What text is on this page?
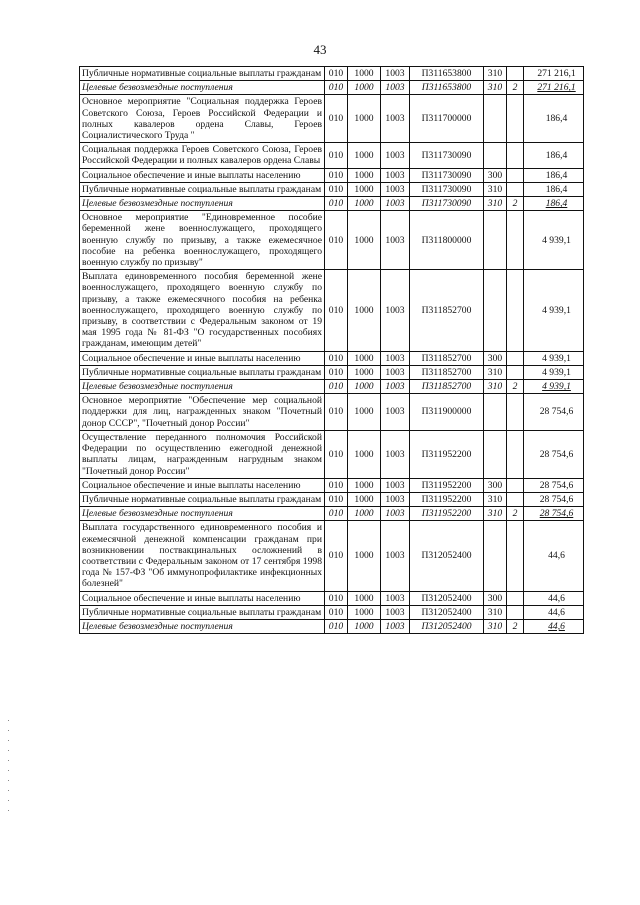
43
Публичные нормативные социальные выплаты гражданам	010	1000	1003	П311653800	310		271 216,1
Целевые безвозмездные поступления	010	1000	1003	П311653800	310	2	271 216,1
Основное мероприятие "Социальная поддержка Героев Советского Союза, Героев Российской Федерации и полных кавалеров ордена Славы, Героев Социалистического Труда "	010	1000	1003	П311700000			186,4
Социальная поддержка Героев Советского Союза, Героев Российской Федерации и полных кавалеров ордена Славы	010	1000	1003	П311730090			186,4
Социальное обеспечение и иные выплаты населению	010	1000	1003	П311730090	300		186,4
Публичные нормативные социальные выплаты гражданам	010	1000	1003	П311730090	310		186,4
Целевые безвозмездные поступления	010	1000	1003	П311730090	310	2	186,4
Основное мероприятие "Единовременное пособие беременной жене военнослужащего, проходящего военную службу по призыву, а также ежемесячное пособие на ребенка военнослужащего, проходящего военную службу по призыву"	010	1000	1003	П311800000			4 939,1
Выплата единовременного пособия беременной жене военнослужащего, проходящего военную службу по призыву, а также ежемесячного пособия на ребенка военнослужащего, проходящего военную службу по призыву, в соответствии с Федеральным законом от 19 мая 1995 года № 81-ФЗ "О государственных пособиях гражданам, имеющим детей"	010	1000	1003	П311852700			4 939,1
Социальное обеспечение и иные выплаты населению	010	1000	1003	П311852700	300		4 939,1
Публичные нормативные социальные выплаты гражданам	010	1000	1003	П311852700	310		4 939,1
Целевые безвозмездные поступления	010	1000	1003	П311852700	310	2	4 939,1
Основное мероприятие "Обеспечение мер социальной поддержки для лиц, награжденных знаком "Почетный донор СССР", "Почетный донор России"	010	1000	1003	П311900000			28 754,6
Осуществление переданного полномочия Российской Федерации по осуществлению ежегодной денежной выплаты лицам, награжденным нагрудным знаком "Почетный донор России"	010	1000	1003	П311952200			28 754,6
Социальное обеспечение и иные выплаты населению	010	1000	1003	П311952200	300		28 754,6
Публичные нормативные социальные выплаты гражданам	010	1000	1003	П311952200	310		28 754,6
Целевые безвозмездные поступления	010	1000	1003	П311952200	310	2	28 754,6
Выплата государственного единовременного пособия и ежемесячной денежной компенсации гражданам при возникновении поствакцинальных осложнений в соответствии с Федеральным законом от 17 сентября 1998 года № 157-ФЗ "Об иммунопрофилактике инфекционных болезней"	010	1000	1003	П312052400			44,6
Социальное обеспечение и иные выплаты населению	010	1000	1003	П312052400	300		44,6
Публичные нормативные социальные выплаты гражданам	010	1000	1003	П312052400	310		44,6
Целевые безвозмездные поступления	010	1000	1003	П312052400	310	2	44,6
